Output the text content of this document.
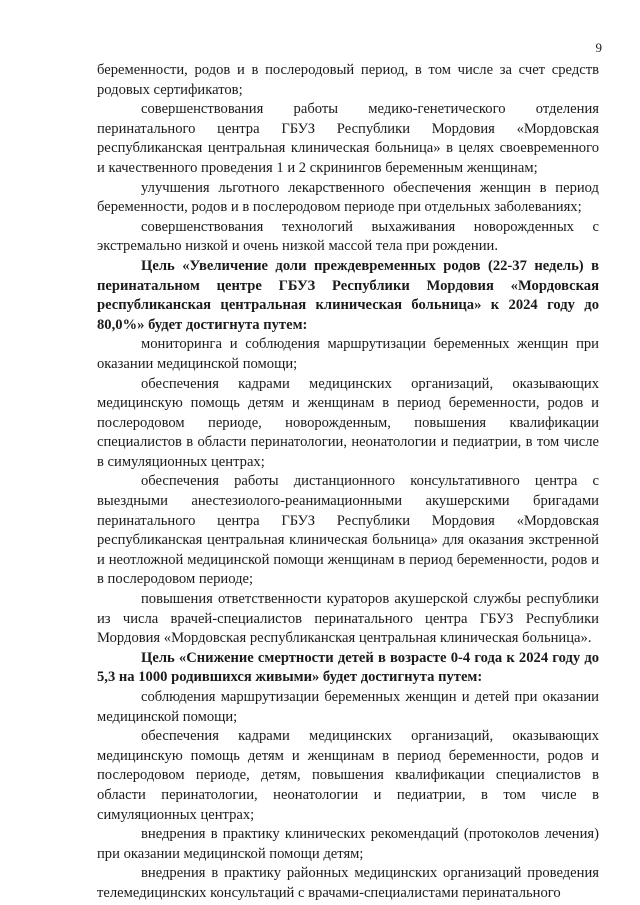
9

беременности, родов и в послеродовый период, в том числе за счет средств родовых сертификатов;

совершенствования работы медико-генетического отделения перинатального центра ГБУЗ Республики Мордовия «Мордовская республиканская центральная клиническая больница» в целях своевременного и качественного проведения 1 и 2 скринингов беременным женщинам;

улучшения льготного лекарственного обеспечения женщин в период беременности, родов и в послеродовом периоде при отдельных заболеваниях;

совершенствования технологий выхаживания новорожденных с экстремально низкой и очень низкой массой тела при рождении.

Цель «Увеличение доли преждевременных родов (22-37 недель) в перинатальном центре ГБУЗ Республики Мордовия «Мордовская республиканская центральная клиническая больница» к 2024 году до 80,0%» будет достигнута путем:

мониторинга и соблюдения маршрутизации беременных женщин при оказании медицинской помощи;

обеспечения кадрами медицинских организаций, оказывающих медицинскую помощь детям и женщинам в период беременности, родов и послеродовом периоде, новорожденным, повышения квалификации специалистов в области перинатологии, неонатологии и педиатрии, в том числе в симуляционных центрах;

обеспечения работы дистанционного консультативного центра с выездными анестезиолого-реанимационными акушерскими бригадами перинатального центра ГБУЗ Республики Мордовия «Мордовская республиканская центральная клиническая больница» для оказания экстренной и неотложной медицинской помощи женщинам в период беременности, родов и в послеродовом периоде;

повышения ответственности кураторов акушерской службы республики из числа врачей-специалистов перинатального центра ГБУЗ Республики Мордовия «Мордовская республиканская центральная клиническая больница».

Цель «Снижение смертности детей в возрасте 0-4 года к 2024 году до 5,3 на 1000 родившихся живыми» будет достигнута путем:

соблюдения маршрутизации беременных женщин и детей при оказании медицинской помощи;

обеспечения кадрами медицинских организаций, оказывающих медицинскую помощь детям и женщинам в период беременности, родов и послеродовом периоде, детям, повышения квалификации специалистов в области перинатологии, неонатологии и педиатрии, в том числе в симуляционных центрах;

внедрения в практику клинических рекомендаций (протоколов лечения) при оказании медицинской помощи детям;

внедрения в практику районных медицинских организаций проведения телемедицинских консультаций с врачами-специалистами перинатального
